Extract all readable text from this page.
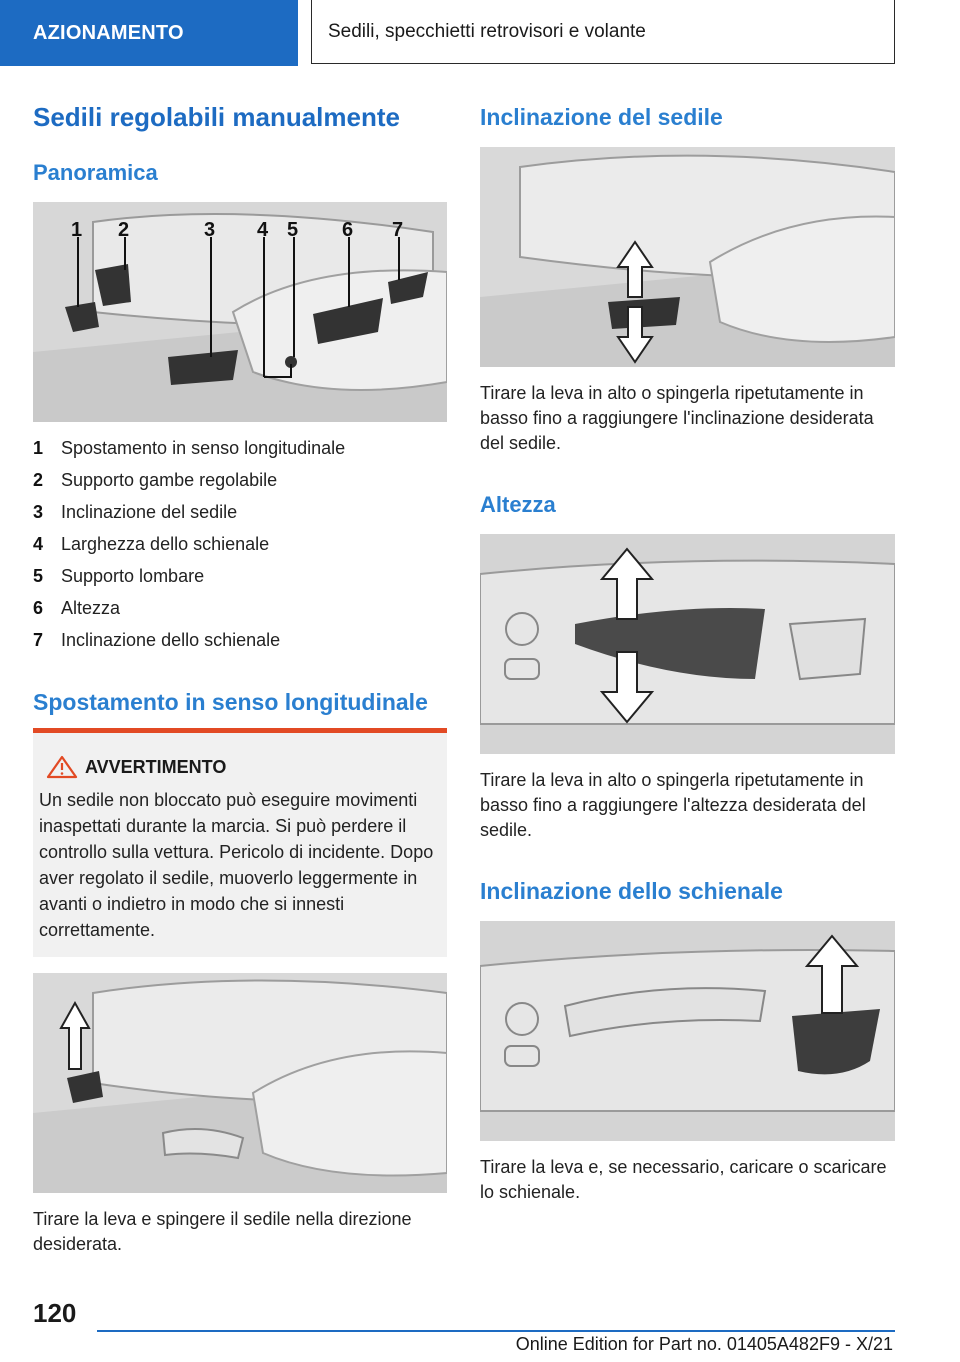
AZIONAMENTO	Sedili, specchietti retrovisori e volante
Sedili regolabili manualmente
Panoramica
1 2	3 4 5 6 7
1 Spostamento in senso longitudinale
2 Supporto gambe regolabile
3 Inclinazione del sedile
4 Larghezza dello schienale
5 Supporto lombare
6 Altezza
7 Inclinazione dello schienale
Spostamento in senso longitudinale
AVVERTIMENTO
Un sedile non bloccato può eseguire movimenti inaspettati durante la marcia. Si può perdere il controllo sulla vettura. Pericolo di incidente. Dopo aver regolato il sedile, muoverlo leggermente in avanti o indietro in modo che si innesti correttamente.
Tirare la leva e spingere il sedile nella direzione desiderata.
Inclinazione del sedile
Tirare la leva in alto o spingerla ripetutamente in basso fino a raggiungere l'inclinazione desiderata del sedile.
Altezza
Tirare la leva in alto o spingerla ripetutamente in basso fino a raggiungere l'altezza desiderata del sedile.
Inclinazione dello schienale
Tirare la leva e, se necessario, caricare o scaricare lo schienale.
120
Online Edition for Part no. 01405A482F9 - X/21
